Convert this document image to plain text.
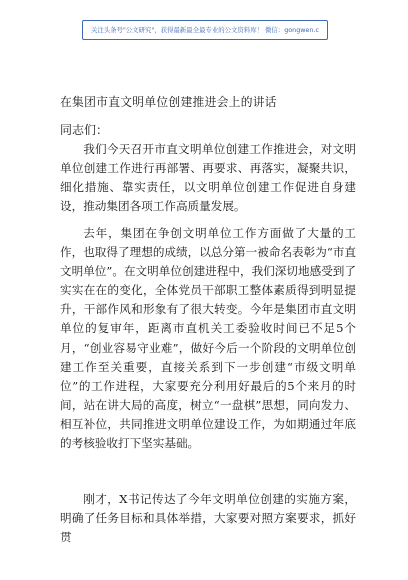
关注头条号"公文研究"，获得最新最全最专业的公文资料库！ 微信：gongwen.c
在集团市直文明单位创建推进会上的讲话
同志们：

我们今天召开市直文明单位创建工作推进会，对文明单位创建工作进行再部署、再要求、再落实，凝聚共识，细化措施、靠实责任，以文明单位创建工作促进自身建设，推动集团各项工作高质量发展。

去年，集团在争创文明单位工作方面做了大量的工作，也取得了理想的成绩，以总分第一被命名表彰为“市直文明单位”。在文明单位创建进程中，我们深切地感受到了实实在在的变化，全体党员干部职工整体素质得到明显提升，干部作风和形象有了很大转变。今年是集团市直文明单位的复审年，距离市直机关工委验收时间已不足5个月，“创业容易守业难”，做好今后一个阶段的文明单位创建工作至关重要，直接关系到下一步创建“市级文明单位”的工作进程，大家要充分利用好最后的5个来月的时间，站在讲大局的高度，树立“一盘棋”思想，同向发力、相互补位，共同推进文明单位建设工作，为如期通过年底的考核验收打下坚实基础。

刚才，X书记传达了今年文明单位创建的实施方案，明确了任务目标和具体举措，大家要对照方案要求，抓好贯
